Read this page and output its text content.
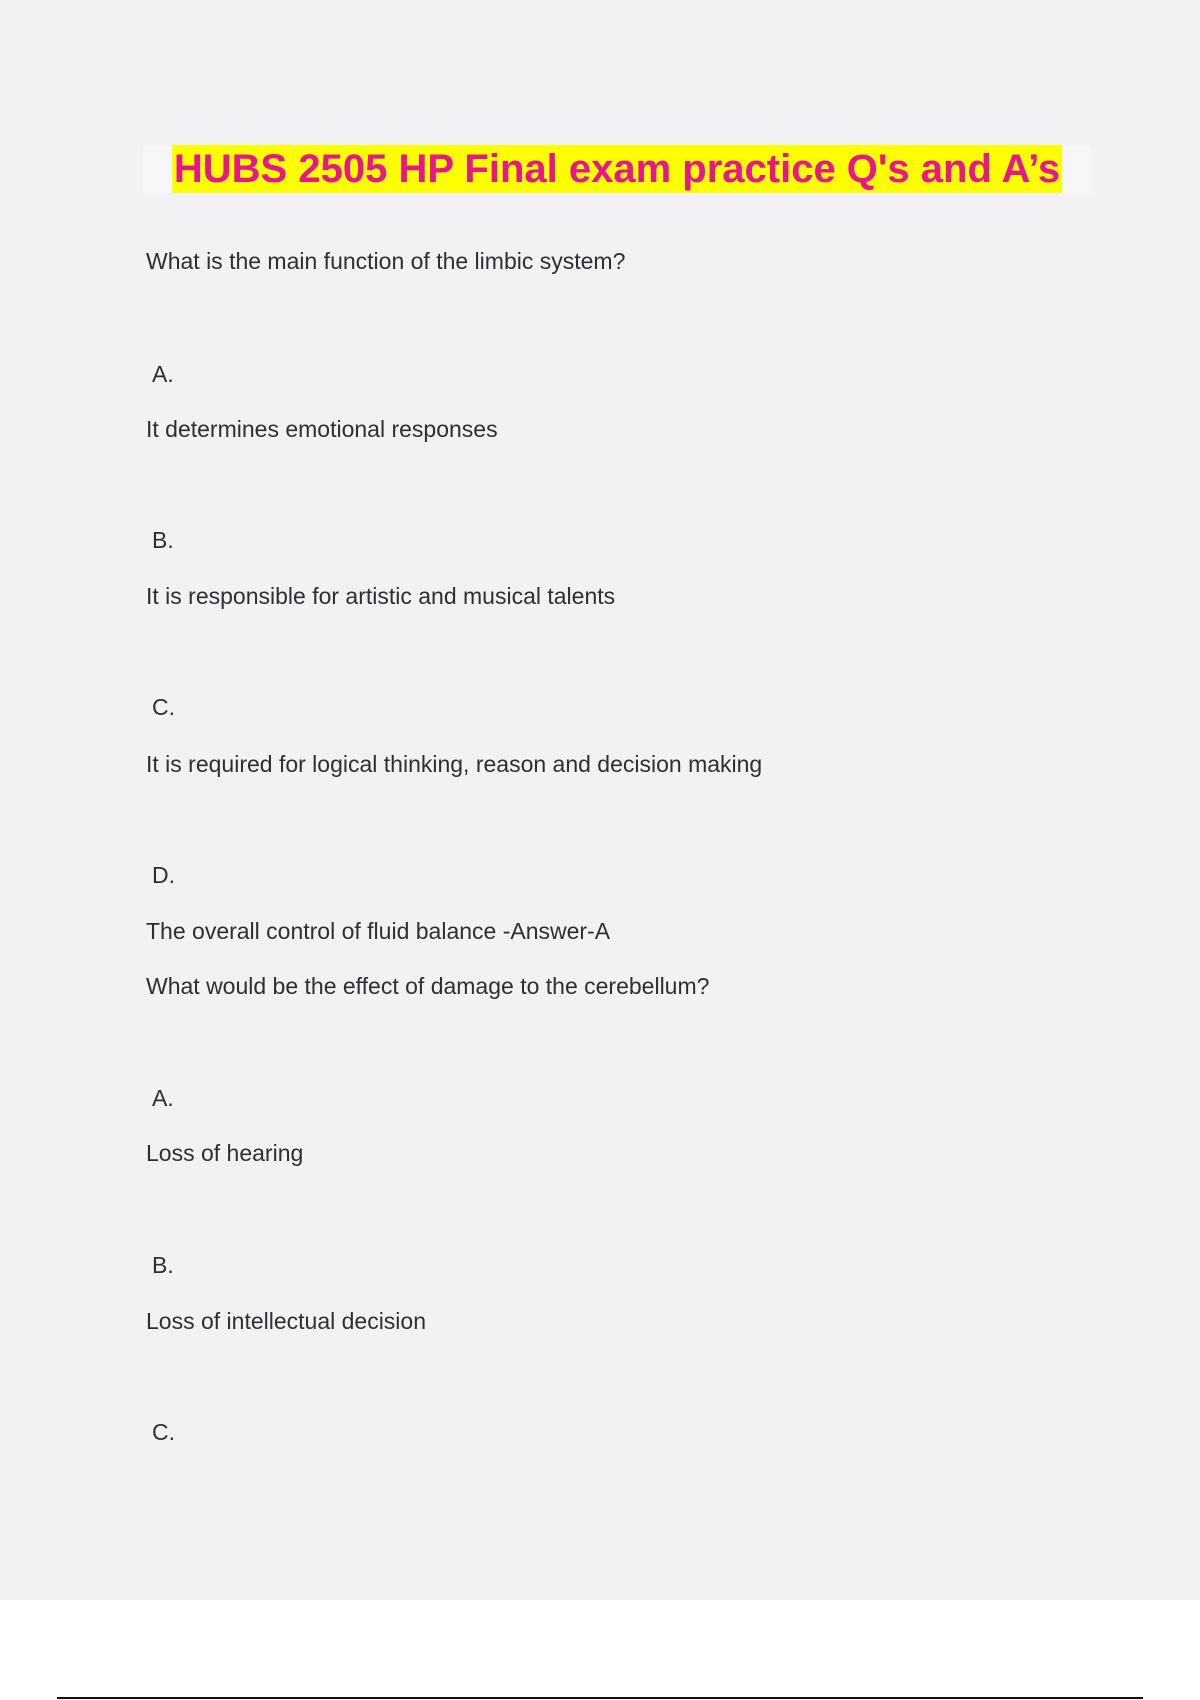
HUBS 2505 HP Final exam practice Q's and A’s
What is the main function of the limbic system?
A.
It determines emotional responses
B.
It is responsible for artistic and musical talents
C.
It is required for logical thinking, reason and decision making
D.
The overall control of fluid balance -Answer-A
What would be the effect of damage to the cerebellum?
A.
Loss of hearing
B.
Loss of intellectual decision
C.
